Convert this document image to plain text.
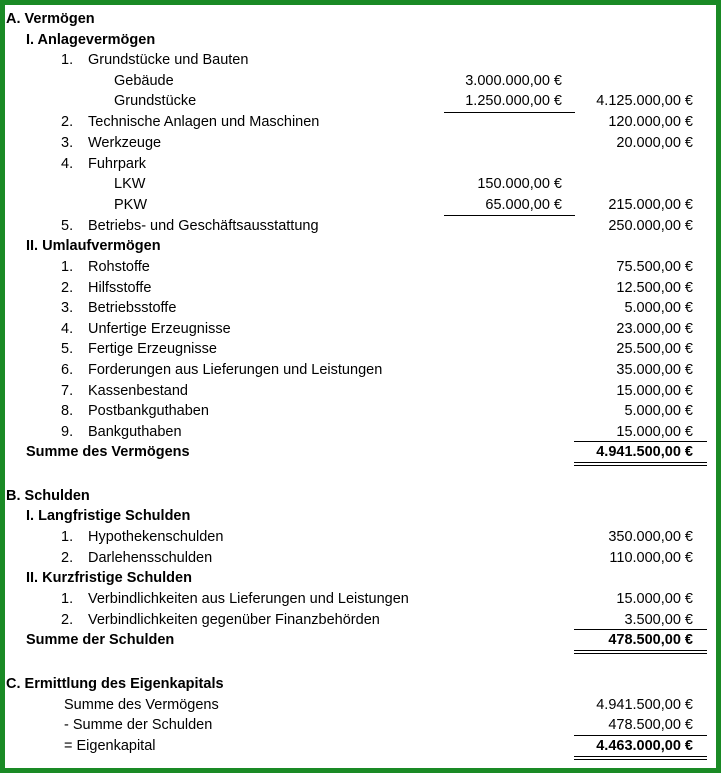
A. Vermögen
I. Anlagevermögen
1. Grundstücke und Bauten
Gebäude	3.000.000,00 €
Grundstücke	1.250.000,00 € 4.125.000,00 €
2. Technische Anlagen und Maschinen	120.000,00 €
3. Werkzeuge	20.000,00 €
4. Fuhrpark
LKW	150.000,00 €
PKW	65.000,00 €	215.000,00 €
5. Betriebs- und Geschäftsausstattung	250.000,00 €
II. Umlaufvermögen
1. Rohstoffe	75.500,00 €
2. Hilfsstoffe	12.500,00 €
3. Betriebsstoffe	5.000,00 €
4. Unfertige Erzeugnisse	23.000,00 €
5. Fertige Erzeugnisse	25.500,00 €
6. Forderungen aus Lieferungen und Leistungen	35.000,00 €
7. Kassenbestand	15.000,00 €
8. Postbankguthaben	5.000,00 €
9. Bankguthaben	15.000,00 €
Summe des Vermögens	4.941.500,00 €
B. Schulden
I. Langfristige Schulden
1. Hypothekenschulden	350.000,00 €
2. Darlehensschulden	110.000,00 €
II. Kurzfristige Schulden
1. Verbindlichkeiten aus Lieferungen und Leistungen	15.000,00 €
2. Verbindlichkeiten gegenüber Finanzbehörden	3.500,00 €
Summe der Schulden	478.500,00 €
C. Ermittlung des Eigenkapitals
Summe des Vermögens	4.941.500,00 €
- Summe der Schulden	478.500,00 €
= Eigenkapital	4.463.000,00 €
